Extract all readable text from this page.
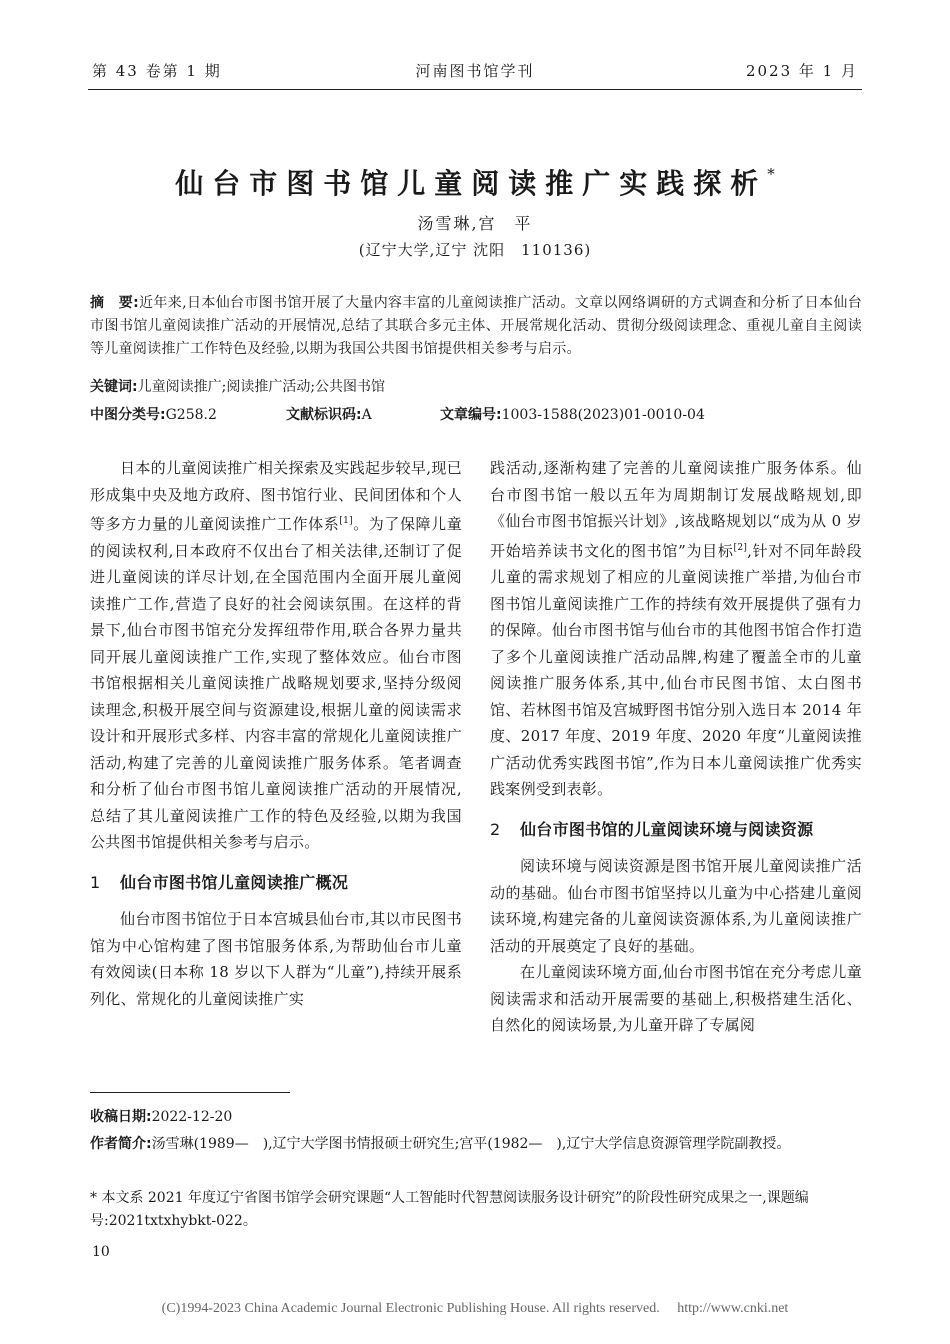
第 43 卷第 1 期	河南图书馆学刊	2023 年 1 月
仙台市图书馆儿童阅读推广实践探析*
汤雪琳,宫　平
(辽宁大学,辽宁 沈阳　110136)
摘　要:近年来,日本仙台市图书馆开展了大量内容丰富的儿童阅读推广活动。文章以网络调研的方式调查和分析了日本仙台市图书馆儿童阅读推广活动的开展情况,总结了其联合多元主体、开展常规化活动、贯彻分级阅读理念、重视儿童自主阅读等儿童阅读推广工作特色及经验,以期为我国公共图书馆提供相关参考与启示。
关键词:儿童阅读推广;阅读推广活动;公共图书馆
中图分类号:G258.2	文献标识码:A	文章编号:1003-1588(2023)01-0010-04

日本的儿童阅读推广相关探索及实践起步较早,现已形成集中央及地方政府、图书馆行业、民间团体和个人等多方力量的儿童阅读推广工作体系[1]。为了保障儿童的阅读权利,日本政府不仅出台了相关法律,还制订了促进儿童阅读的详尽计划,在全国范围内全面开展儿童阅读推广工作,营造了良好的社会阅读氛围。在这样的背景下,仙台市图书馆充分发挥纽带作用,联合各界力量共同开展儿童阅读推广工作,实现了整体效应。仙台市图书馆根据相关儿童阅读推广战略规划要求,坚持分级阅读理念,积极开展空间与资源建设,根据儿童的阅读需求设计和开展形式多样、内容丰富的常规化儿童阅读推广活动,构建了完善的儿童阅读推广服务体系。笔者调查和分析了仙台市图书馆儿童阅读推广活动的开展情况,总结了其儿童阅读推广工作的特色及经验,以期为我国公共图书馆提供相关参考与启示。

1 仙台市图书馆儿童阅读推广概况

仙台市图书馆位于日本宫城县仙台市,其以市民图书馆为中心馆构建了图书馆服务体系,为帮助仙台市儿童有效阅读(日本称 18 岁以下人群为“儿童”),持续开展系列化、常规化的儿童阅读推广实

践活动,逐渐构建了完善的儿童阅读推广服务体系。仙台市图书馆一般以五年为周期制订发展战略规划,即《仙台市图书馆振兴计划》,该战略规划以“成为从 0 岁开始培养读书文化的图书馆”为目标[2],针对不同年龄段儿童的需求规划了相应的儿童阅读推广举措,为仙台市图书馆儿童阅读推广工作的持续有效开展提供了强有力的保障。仙台市图书馆与仙台市的其他图书馆合作打造了多个儿童阅读推广活动品牌,构建了覆盖全市的儿童阅读推广服务体系,其中,仙台市民图书馆、太白图书馆、若林图书馆及宫城野图书馆分别入选日本 2014 年度、2017 年度、2019 年度、2020 年度“儿童阅读推广活动优秀实践图书馆”,作为日本儿童阅读推广优秀实践案例受到表彰。

2 仙台市图书馆的儿童阅读环境与阅读资源

阅读环境与阅读资源是图书馆开展儿童阅读推广活动的基础。仙台市图书馆坚持以儿童为中心搭建儿童阅读环境,构建完备的儿童阅读资源体系,为儿童阅读推广活动的开展奠定了良好的基础。

在儿童阅读环境方面,仙台市图书馆在充分考虑儿童阅读需求和活动开展需要的基础上,积极搭建生活化、自然化的阅读场景,为儿童开辟了专属阅

收稿日期:2022-12-20
作者简介:汤雪琳(1989—　),辽宁大学图书情报硕士研究生;宫平(1982—　),辽宁大学信息资源管理学院副教授。
* 本文系 2021 年度辽宁省图书馆学会研究课题“人工智能时代智慧阅读服务设计研究”的阶段性研究成果之一,课题编号:2021txtxhybkt-022。
10
(C)1994-2023 China Academic Journal Electronic Publishing House. All rights reserved.　 http://www.cnki.net
